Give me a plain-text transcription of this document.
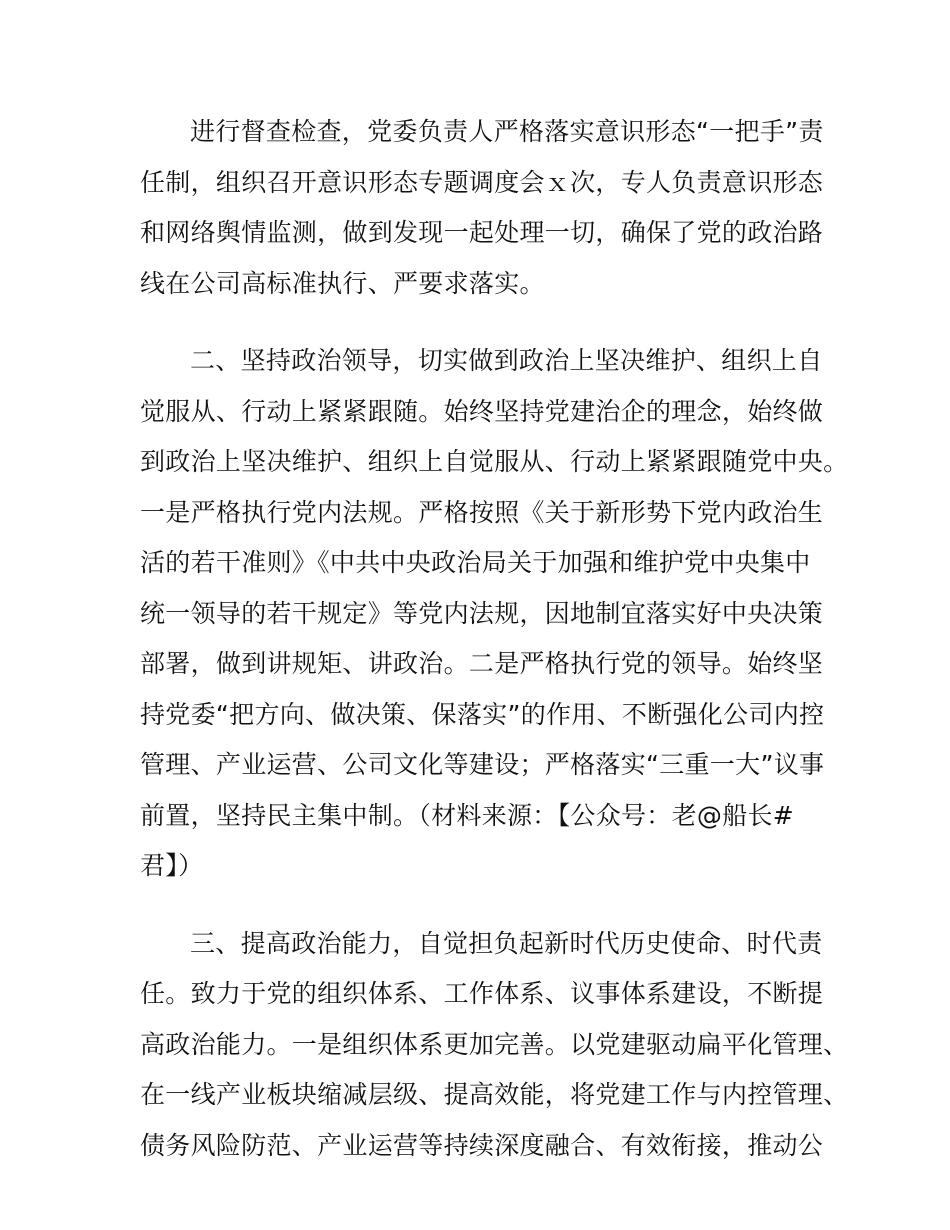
进行督查检查，党委负责人严格落实意识形态“一把手”责
任制，组织召开意识形态专题调度会ｘ次，专人负责意识形态
和网络舆情监测，做到发现一起处理一切，确保了党的政治路
线在公司高标准执行、严要求落实。

二、坚持政治领导，切实做到政治上坚决维护、组织上自
觉服从、行动上紧紧跟随。始终坚持党建治企的理念，始终做
到政治上坚决维护、组织上自觉服从、行动上紧紧跟随党中央。
一是严格执行党内法规。严格按照《关于新形势下党内政治生
活的若干准则》《中共中央政治局关于加强和维护党中央集中
统一领导的若干规定》等党内法规，因地制宜落实好中央决策
部署，做到讲规矩、讲政治。二是严格执行党的领导。始终坚
持党委“把方向、做决策、保落实”的作用、不断强化公司内控
管理、产业运营、公司文化等建设；严格落实“三重一大”议事
前置，坚持民主集中制。（材料来源：【公众号：老@船长#
君】）

三、提高政治能力，自觉担负起新时代历史使命、时代责
任。致力于党的组织体系、工作体系、议事体系建设，不断提
高政治能力。一是组织体系更加完善。以党建驱动扁平化管理、
在一线产业板块缩减层级、提高效能，将党建工作与内控管理、
债务风险防范、产业运营等持续深度融合、有效衔接，推动公
